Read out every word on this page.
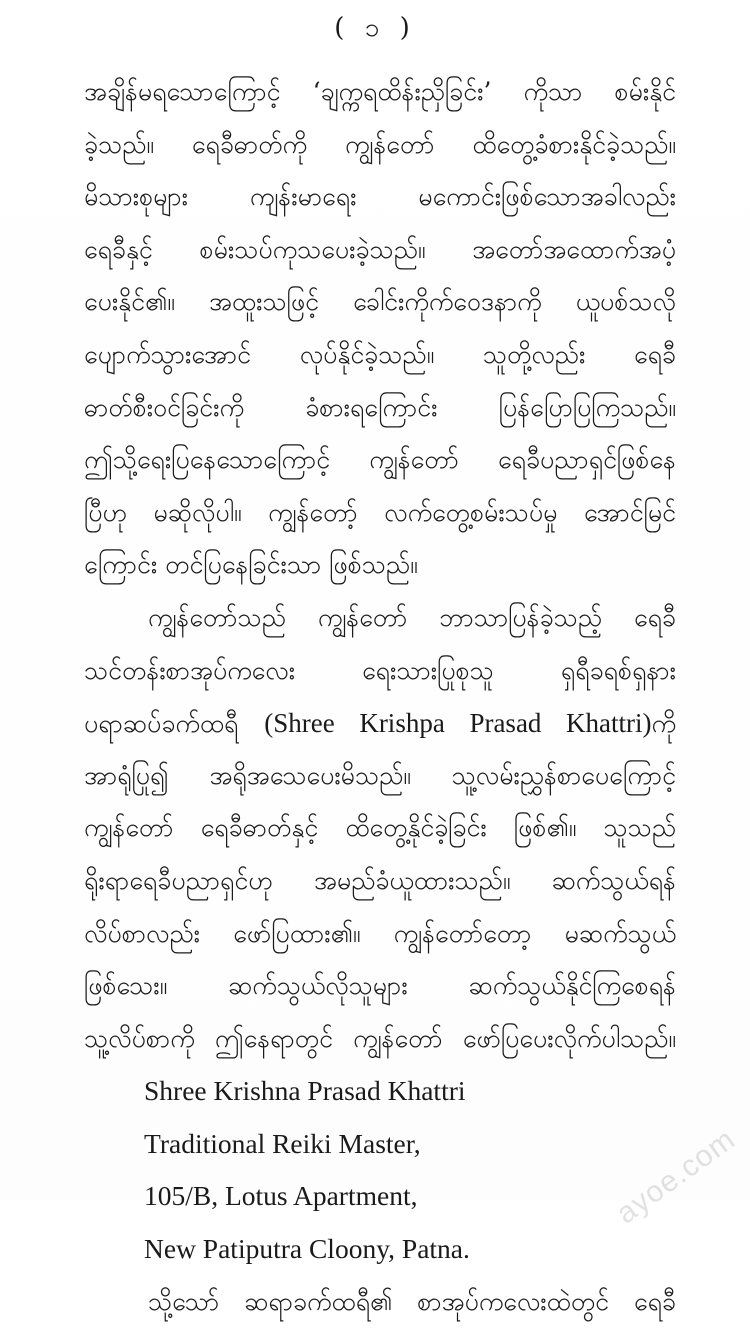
( ၁ )
အချိန်မရသောကြောင့် ‘ချက္ကရထိန်းညှိခြင်း’ ကိုသာ စမ်းနိုင်
ခဲ့သည်။ ရေခီဓာတ်ကို ကျွန်တော် ထိတွေ့ခံစားနိုင်ခဲ့သည်။
မိသားစုများ ကျန်းမာရေး မကောင်းဖြစ်သောအခါလည်း
ရေခီနှင့် စမ်းသပ်ကုသပေးခဲ့သည်။ အတော်အထောက်အပံ့
ပေးနိုင်၏။ အထူးသဖြင့် ခေါင်းကိုက်ဝေဒနာကို ယူပစ်သလို
ပျောက်သွားအောင် လုပ်နိုင်ခဲ့သည်။ သူတို့လည်း ရေခီ
ဓာတ်စီးဝင်ခြင်းကို ခံစားရကြောင်း ပြန်ပြောပြကြသည်။
ဤသို့ရေးပြနေသောကြောင့် ကျွန်တော် ရေခီပညာရှင်ဖြစ်နေ
ပြီဟု မဆိုလိုပါ။ ကျွန်တော့် လက်တွေ့စမ်းသပ်မှု အောင်မြင်
ကြောင်း တင်ပြနေခြင်းသာ ဖြစ်သည်။
ကျွန်တော်သည် ကျွန်တော် ဘာသာပြန်ခဲ့သည့် ရေခီ
သင်တန်းစာအုပ်ကလေး ရေးသားပြုစုသူ ရှရီခရစ်ရှနား
ပရာဆပ်ခက်ထရီ (Shree Krishpa Prasad Khattri)ကို
အာရုံပြု၍ အရိုအသေပေးမိသည်။ သူ့လမ်းညွှန်စာပေကြောင့်
ကျွန်တော် ရေခီဓာတ်နှင့် ထိတွေ့နိုင်ခဲ့ခြင်း ဖြစ်၏။ သူသည်
ရိုးရာရေခီပညာရှင်ဟု အမည်ခံယူထားသည်။ ဆက်သွယ်ရန်
လိပ်စာလည်း ဖော်ပြထား၏။ ကျွန်တော်တော့ မဆက်သွယ်
ဖြစ်သေး။ ဆက်သွယ်လိုသူများ ဆက်သွယ်နိုင်ကြစေရန်
သူ့လိပ်စာကို ဤနေရာတွင် ကျွန်တော် ဖော်ပြပေးလိုက်ပါသည်။
Shree Krishna Prasad Khattri
Traditional Reiki Master,
105/B, Lotus Apartment,
New Patiputra Cloony, Patna.
သို့သော် ဆရာခက်ထရီ၏ စာအုပ်ကလေးထဲတွင် ရေခီ
ayoe.com
